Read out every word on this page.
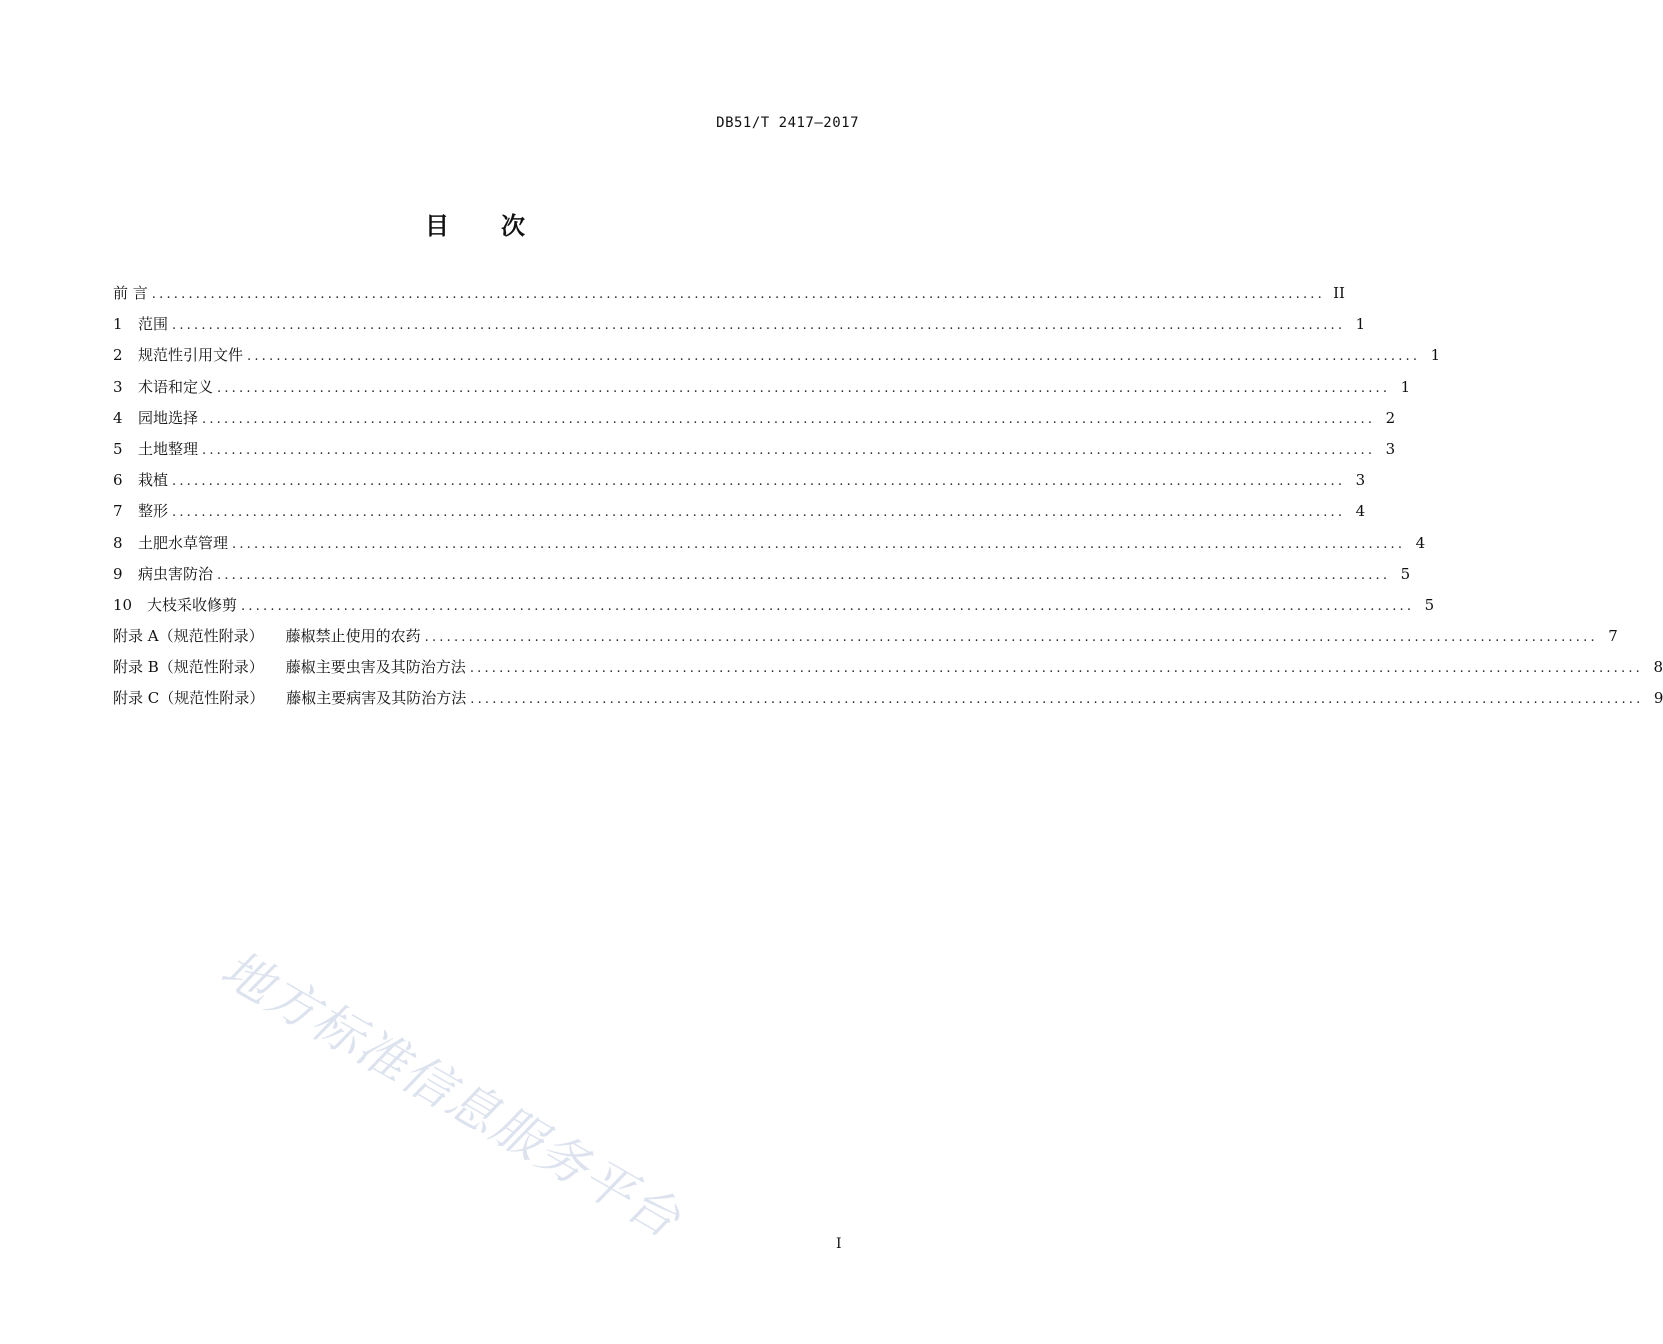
DB51/T 2417—2017
目 次
前 言 ................................................................................................................................................................ II
1	范围 ................................................................................................................................................................ 1
2	规范性引用文件 ................................................................................................................................................................ 1
3	术语和定义 ................................................................................................................................................................ 1
4	园地选择 ................................................................................................................................................................ 2
5	土地整理 ................................................................................................................................................................ 3
6	栽植 ................................................................................................................................................................ 3
7	整形 ................................................................................................................................................................ 4
8	土肥水草管理 ................................................................................................................................................................ 4
9	病虫害防治 ................................................................................................................................................................ 5
10 大枝采收修剪 ................................................................................................................................................................ 5
附录 A（规范性附录） 藤椒禁止使用的农药 ................................................................................................................................................................ 7
附录 B（规范性附录） 藤椒主要虫害及其防治方法 ................................................................................................................................................................ 8
附录 C（规范性附录） 藤椒主要病害及其防治方法 ................................................................................................................................................................ 9
地方标准信息服务平台	I
